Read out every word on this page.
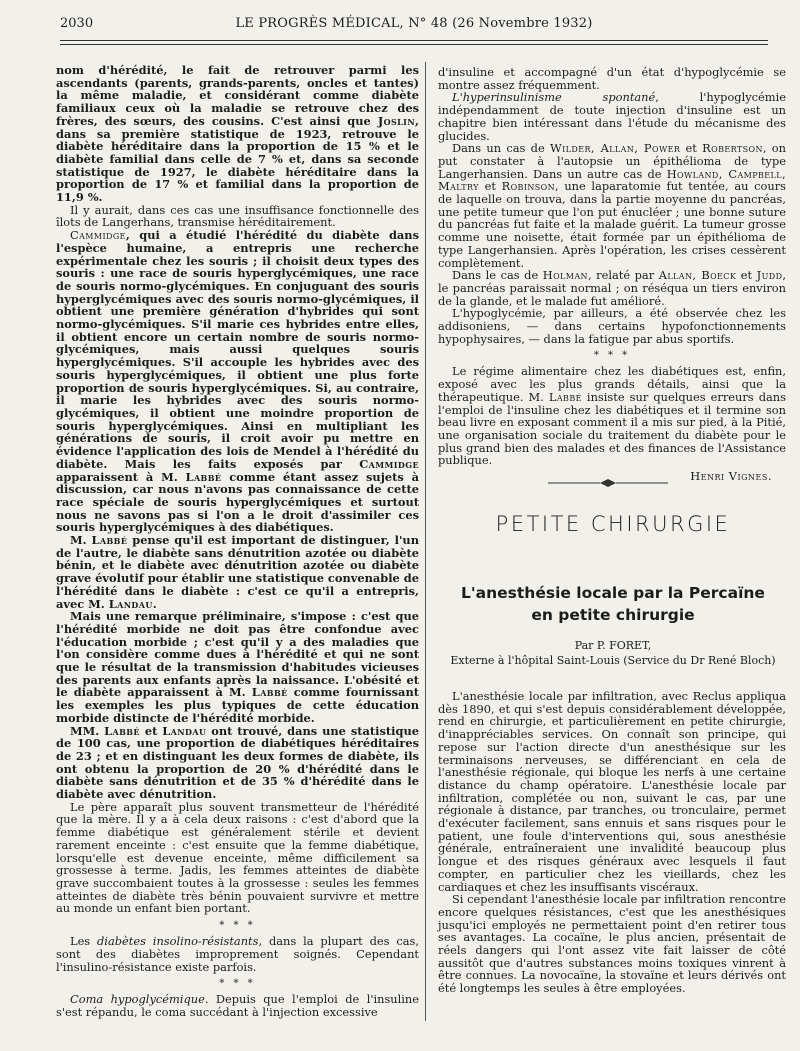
2030	LE PROGRÈS MÉDICAL, N° 48 (26 Novembre 1932)

nom d'hérédité, le fait de retrouver parmi les ascendants (parents, grands-parents, oncles et tantes) la même maladie, et considérant comme diabète familiaux ceux où la maladie se retrouve chez des frères, des sœurs, des cousins. C'est ainsi que Joslin, dans sa première statistique de 1923, retrouve le diabète héréditaire dans la proportion de 15 % et le diabète familial dans celle de 7 % et, dans sa seconde statistique de 1927, le diabète héréditaire dans la proportion de 17 % et familial dans la proportion de 11,9 %.

Il y aurait, dans ces cas une insuffisance fonctionnelle des îlots de Langerhans, transmise héréditairement.

Cammidge, qui a étudié l'hérédité du diabète dans l'espèce humaine, a entrepris une recherche expérimentale chez les souris ; il choisit deux types des souris : une race de souris hyperglycémiques, une race de souris normo-glycémiques. En conjuguant des souris hyperglycémiques avec des souris normo-glycémiques, il obtient une première génération d'hybrides qui sont normo-glycémiques. S'il marie ces hybrides entre elles, il obtient encore un certain nombre de souris normo-glycémiques, mais aussi quelques souris hyperglycémiques. S'il accouple les hybrides avec des souris hyperglycémiques, il obtient une plus forte proportion de souris hyperglycémiques. Si, au contraire, il marie les hybrides avec des souris normo-glycémiques, il obtient une moindre proportion de souris hyperglycémiques. Ainsi en multipliant les générations de souris, il croit avoir pu mettre en évidence l'application des lois de Mendel à l'hérédité du diabète. Mais les faits exposés par Cammidge apparaissent à M. Labbé comme étant assez sujets à discussion, car nous n'avons pas connaissance de cette race spéciale de souris hyperglycémiques et surtout nous ne savons pas si l'on a le droit d'assimiler ces souris hyperglycémiques à des diabétiques.

M. Labbé pense qu'il est important de distinguer, l'un de l'autre, le diabète sans dénutrition azotée ou diabète bénin, et le diabète avec dénutrition azotée ou diabète grave évolutif pour établir une statistique convenable de l'hérédité dans le diabète : c'est ce qu'il a entrepris, avec M. Landau.

Mais une remarque préliminaire, s'impose : c'est que l'hérédité morbide ne doit pas être confondue avec l'éducation morbide ; c'est qu'il y a des maladies que l'on considère comme dues à l'hérédité et qui ne sont que le résultat de la transmission d'habitudes vicieuses des parents aux enfants après la naissance. L'obésité et le diabète apparaissent à M. Labbé comme fournissant les exemples les plus typiques de cette éducation morbide distincte de l'hérédité morbide.

MM. Labbé et Landau ont trouvé, dans une statistique de 100 cas, une proportion de diabétiques héréditaires de 23 ; et en distinguant les deux formes de diabète, ils ont obtenu la proportion de 20 % d'hérédité dans le diabète sans dénutrition et de 35 % d'hérédité dans le diabète avec dénutrition.

Le père apparaît plus souvent transmetteur de l'hérédité que la mère. Il y a à cela deux raisons : c'est d'abord que la femme diabétique est généralement stérile et devient rarement enceinte : c'est ensuite que la femme diabétique, lorsqu'elle est devenue enceinte, même difficilement sa grossesse à terme. Jadis, les femmes atteintes de diabète grave succombaient toutes à la grossesse : seules les femmes atteintes de diabète très bénin pouvaient survivre et mettre au monde un enfant bien portant.

* * *

Les diabètes insolino-résistants, dans la plupart des cas, sont des diabètes improprement soignés. Cependant l'insulino-résistance existe parfois.

* * *

Coma hypoglycémique. Depuis que l'emploi de l'insuline s'est répandu, le coma succédant à l'injection excessive

d'insuline et accompagné d'un état d'hypoglycémie se montre assez fréquemment.

L'hyperinsulinisme spontané, l'hypoglycémie indépendamment de toute injection d'insuline est un chapitre bien intéressant dans l'étude du mécanisme des glucides.

Dans un cas de Wilder, Allan, Power et Robertson, on put constater à l'autopsie un épithélioma de type Langerhansien. Dans un autre cas de Howland, Campbell, Maltry et Robinson, une laparatomie fut tentée, au cours de laquelle on trouva, dans la partie moyenne du pancréas, une petite tumeur que l'on put énucléer ; une bonne suture du pancréas fut faite et la malade guérit. La tumeur grosse comme une noisette, était formée par un épithélioma de type Langerhansien. Après l'opération, les crises cessèrent complètement.

Dans le cas de Holman, relaté par Allan, Boeck et Judd, le pancréas paraissait normal ; on réséqua un tiers environ de la glande, et le malade fut amélioré.

L'hypoglycémie, par ailleurs, a été observée chez les addisoniens, — dans certains hypofonctionnements hypophysaires, — dans la fatigue par abus sportifs.

* * *

Le régime alimentaire chez les diabétiques est, enfin, exposé avec les plus grands détails, ainsi que la thérapeutique. M. Labbé insiste sur quelques erreurs dans l'emploi de l'insuline chez les diabétiques et il termine son beau livre en exposant comment il a mis sur pied, à la Pitié, une organisation sociale du traitement du diabète pour le plus grand bien des malades et des finances de l'Assistance publique.

Henri Vignes.
PETITE CHIRURGIE
L'anesthésie locale par la Percaïne
en petite chirurgie
Par P. FORET,
Externe à l'hôpital Saint-Louis (Service du Dr René Bloch)

L'anesthésie locale par infiltration, avec Reclus appliqua dès 1890, et qui s'est depuis considérablement développée, rend en chirurgie, et particulièrement en petite chirurgie, d'inappréciables services. On connaît son principe, qui repose sur l'action directe d'un anesthésique sur les terminaisons nerveuses, se différenciant en cela de l'anesthésie régionale, qui bloque les nerfs à une certaine distance du champ opératoire. L'anesthésie locale par infiltration, complétée ou non, suivant le cas, par une régionale à distance, par tranches, ou tronculaire, permet d'exécuter facilement, sans ennuis et sans risques pour le patient, une foule d'interventions qui, sous anesthésie générale, entraîneraient une invalidité beaucoup plus longue et des risques généraux avec lesquels il faut compter, en particulier chez les vieillards, chez les cardiaques et chez les insuffisants viscéraux.

Si cependant l'anesthésie locale par infiltration rencontre encore quelques résistances, c'est que les anesthésiques jusqu'ici employés ne permettaient point d'en retirer tous ses avantages. La cocaïne, le plus ancien, présentait de réels dangers qui l'ont assez vite fait laisser de côté aussitôt que d'autres substances moins toxiques vinrent à être connues. La novocaïne, la stovaïne et leurs dérivés ont été longtemps les seules à être employées.
